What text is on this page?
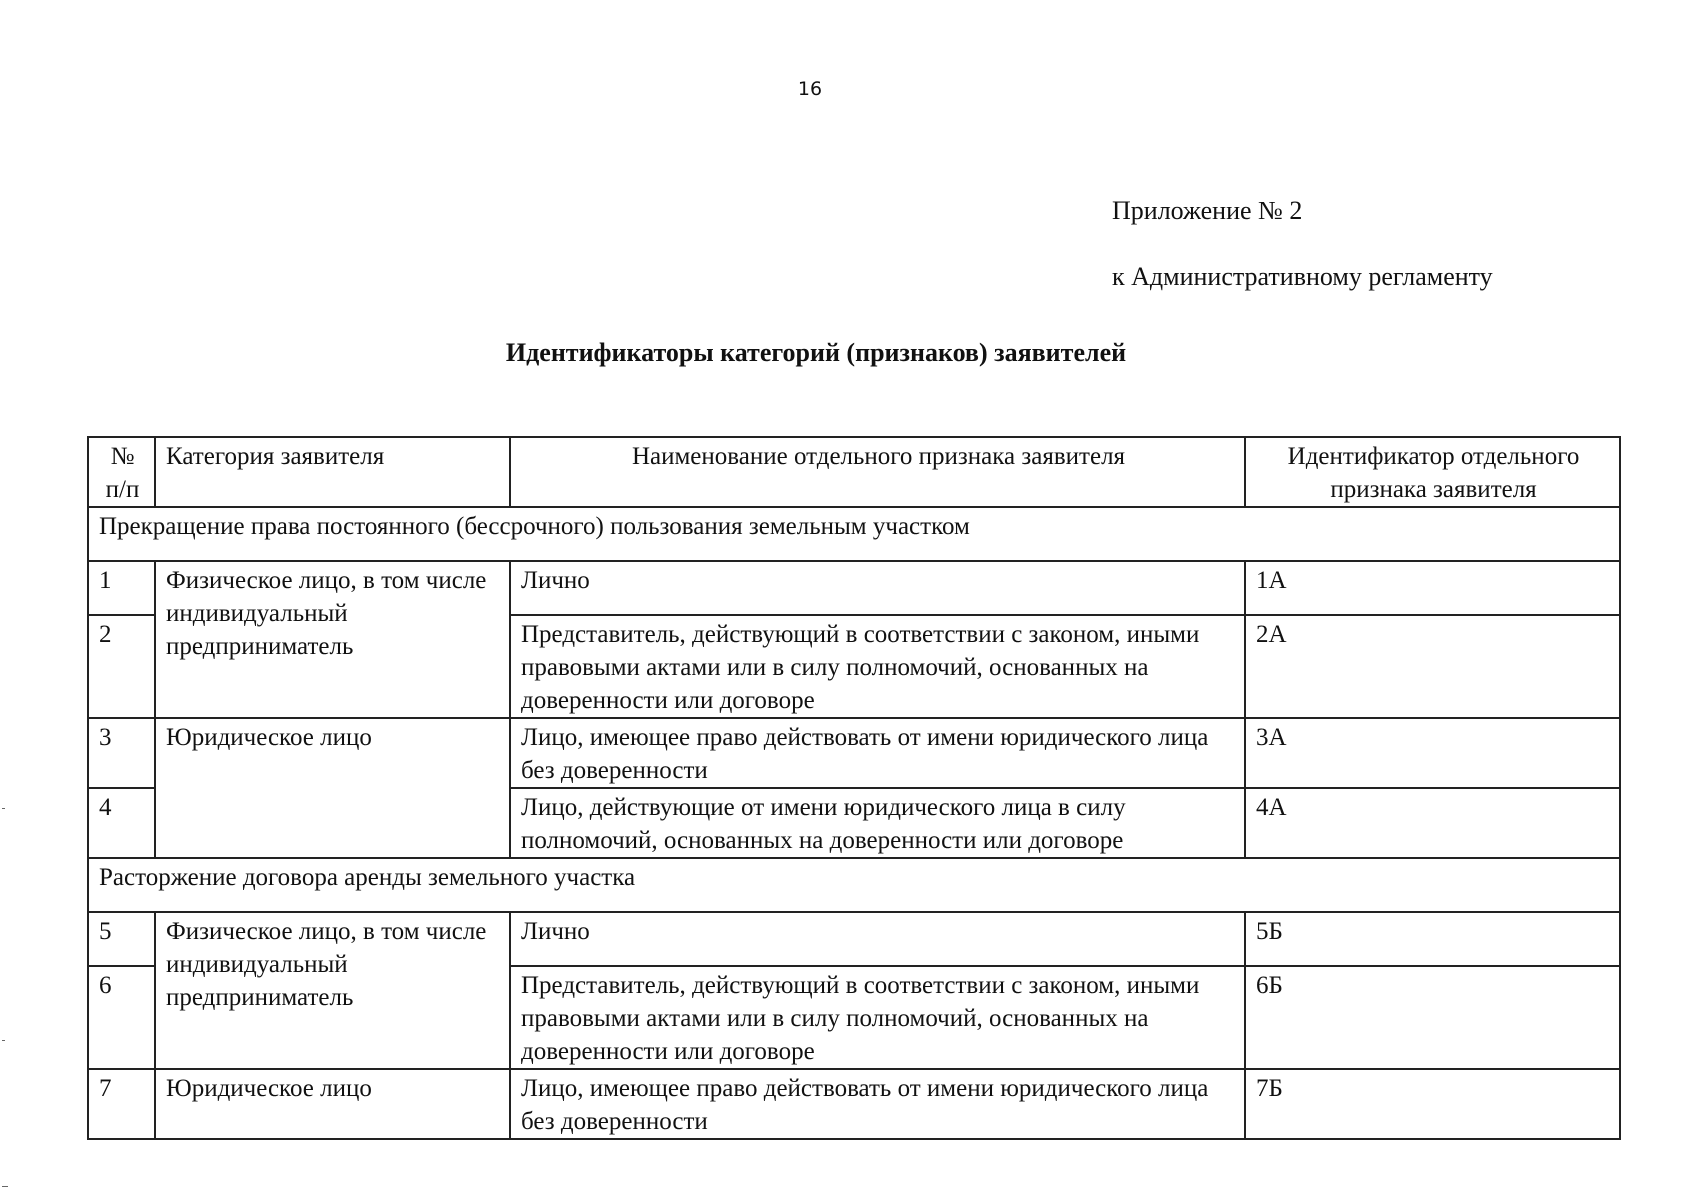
16
Приложение № 2
к Административному регламенту
Идентификаторы категорий (признаков) заявителей
№ п/п	Категория заявителя	Наименование отдельного признака заявителя	Идентификатор отдельного признака заявителя
Прекращение права постоянного (бессрочного) пользования земельным участком			
1	Физическое лицо, в том числе индивидуальный предприниматель	Лично	1А
2		Представитель, действующий в соответствии с законом, иными правовыми актами или в силу полномочий, основанных на доверенности или договоре	2А
3	Юридическое лицо	Лицо, имеющее право действовать от имени юридического лица без доверенности	3А
4		Лицо, действующие от имени юридического лица в силу полномочий, основанных на доверенности или договоре	4А
Расторжение договора аренды земельного участка			
5	Физическое лицо, в том числе индивидуальный предприниматель	Лично	5Б
6		Представитель, действующий в соответствии с законом, иными правовыми актами или в силу полномочий, основанных на доверенности или договоре	6Б
7	Юридическое лицо	Лицо, имеющее право действовать от имени юридического лица без доверенности	7Б
